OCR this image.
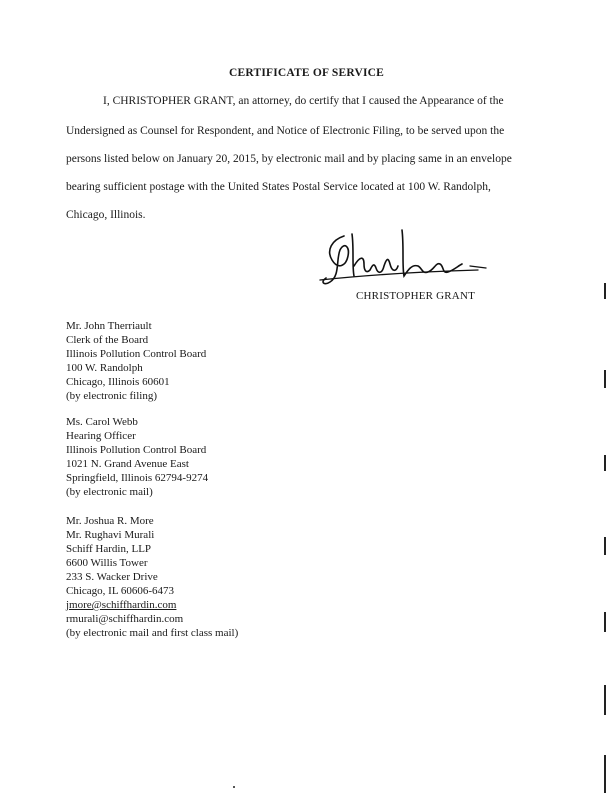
CERTIFICATE OF SERVICE
I, CHRISTOPHER GRANT, an attorney, do certify that I caused the Appearance of the
Undersigned as Counsel for Respondent, and Notice of Electronic Filing, to be served upon the
persons listed below on January 20, 2015, by electronic mail and by placing same in an envelope
bearing sufficient postage with the United States Postal Service located at 100 W. Randolph,
Chicago, Illinois.
CHRISTOPHER GRANT
Mr. John Therriault
Clerk of the Board
Illinois Pollution Control Board
100 W. Randolph
Chicago, Illinois 60601
(by electronic filing)
Ms. Carol Webb
Hearing Officer
Illinois Pollution Control Board
1021 N. Grand Avenue East
Springfield, Illinois 62794-9274
(by electronic mail)
Mr. Joshua R. More
Mr. Rughavi Murali
Schiff Hardin, LLP
6600 Willis Tower
233 S. Wacker Drive
Chicago, IL 60606-6473
jmore@schiffhardin.com
rmurali@schiffhardin.com
(by electronic mail and first class mail)
